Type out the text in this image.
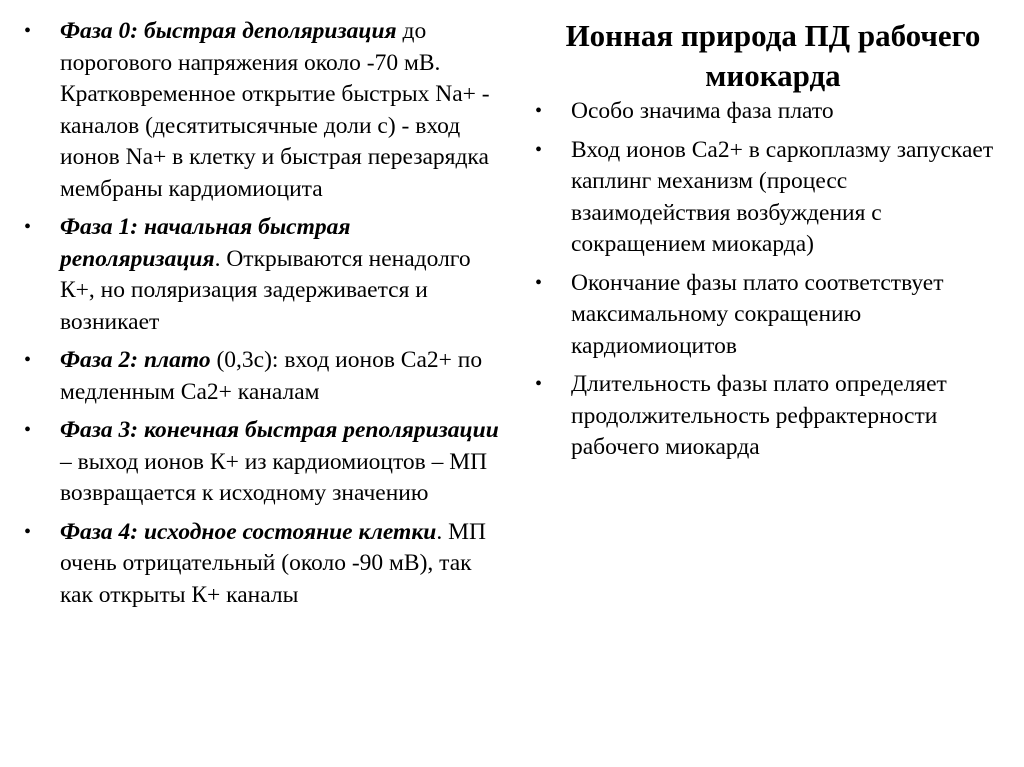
• Фаза 0: быстрая деполяризация до порогового напряжения около -70 мВ. Кратковременное открытие быстрых Na+ - каналов (десятитысячные доли с) - вход ионов Na+ в клетку и быстрая перезарядка мембраны кардиомиоцита
• Фаза 1: начальная быстрая реполяризация. Открываются ненадолго К+, но поляризация задерживается и возникает
• Фаза 2: плато (0,3с): вход ионов Са2+ по медленным Са2+ каналам
• Фаза 3: конечная быстрая реполяризации – выход ионов К+ из кардиомиоцтов – МП возвращается к исходному значению
• Фаза 4: исходное состояние клетки. МП очень отрицательный (около -90 мВ), так как открыты К+ каналы
Ионная природа ПД рабочего миокарда
• Особо значима фаза плато
• Вход ионов Са2+ в саркоплазму запускает каплинг механизм (процесс взаимодействия возбуждения с сокращением миокарда)
• Окончание фазы плато соответствует максимальному сокращению кардиомиоцитов
• Длительность фазы плато определяет продолжительность рефрактерности рабочего миокарда
